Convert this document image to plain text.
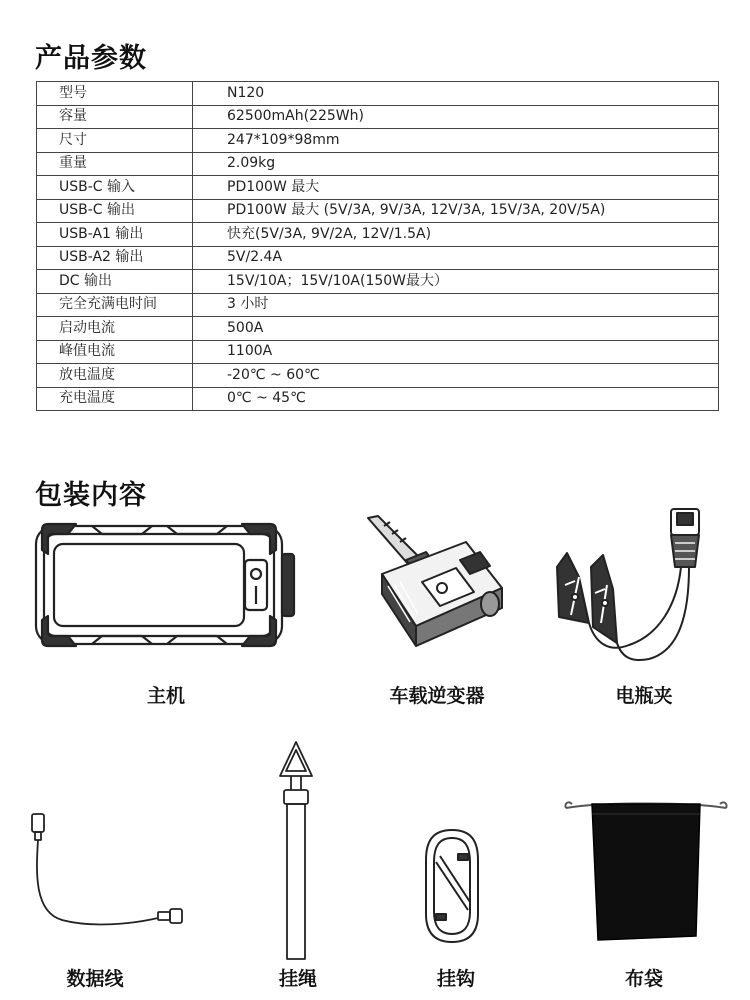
产品参数
型号	N120
容量	62500mAh(225Wh)
尺寸	247*109*98mm
重量	2.09kg
USB-C 输入	PD100W 最大
USB-C 输出	PD100W 最大 (5V/3A, 9V/3A, 12V/3A, 15V/3A, 20V/5A)
USB-A1 输出	快充(5V/3A, 9V/2A, 12V/1.5A)
USB-A2 输出	5V/2.4A
DC 输出	15V/10A；15V/10A(150W最大）
完全充满电时间	3 小时
启动电流	500A
峰值电流	1100A
放电温度	-20℃ ~ 60℃
充电温度	0℃ ~ 45℃
包装内容
主机	车载逆变器	电瓶夹
数据线	挂绳	挂钩	布袋
